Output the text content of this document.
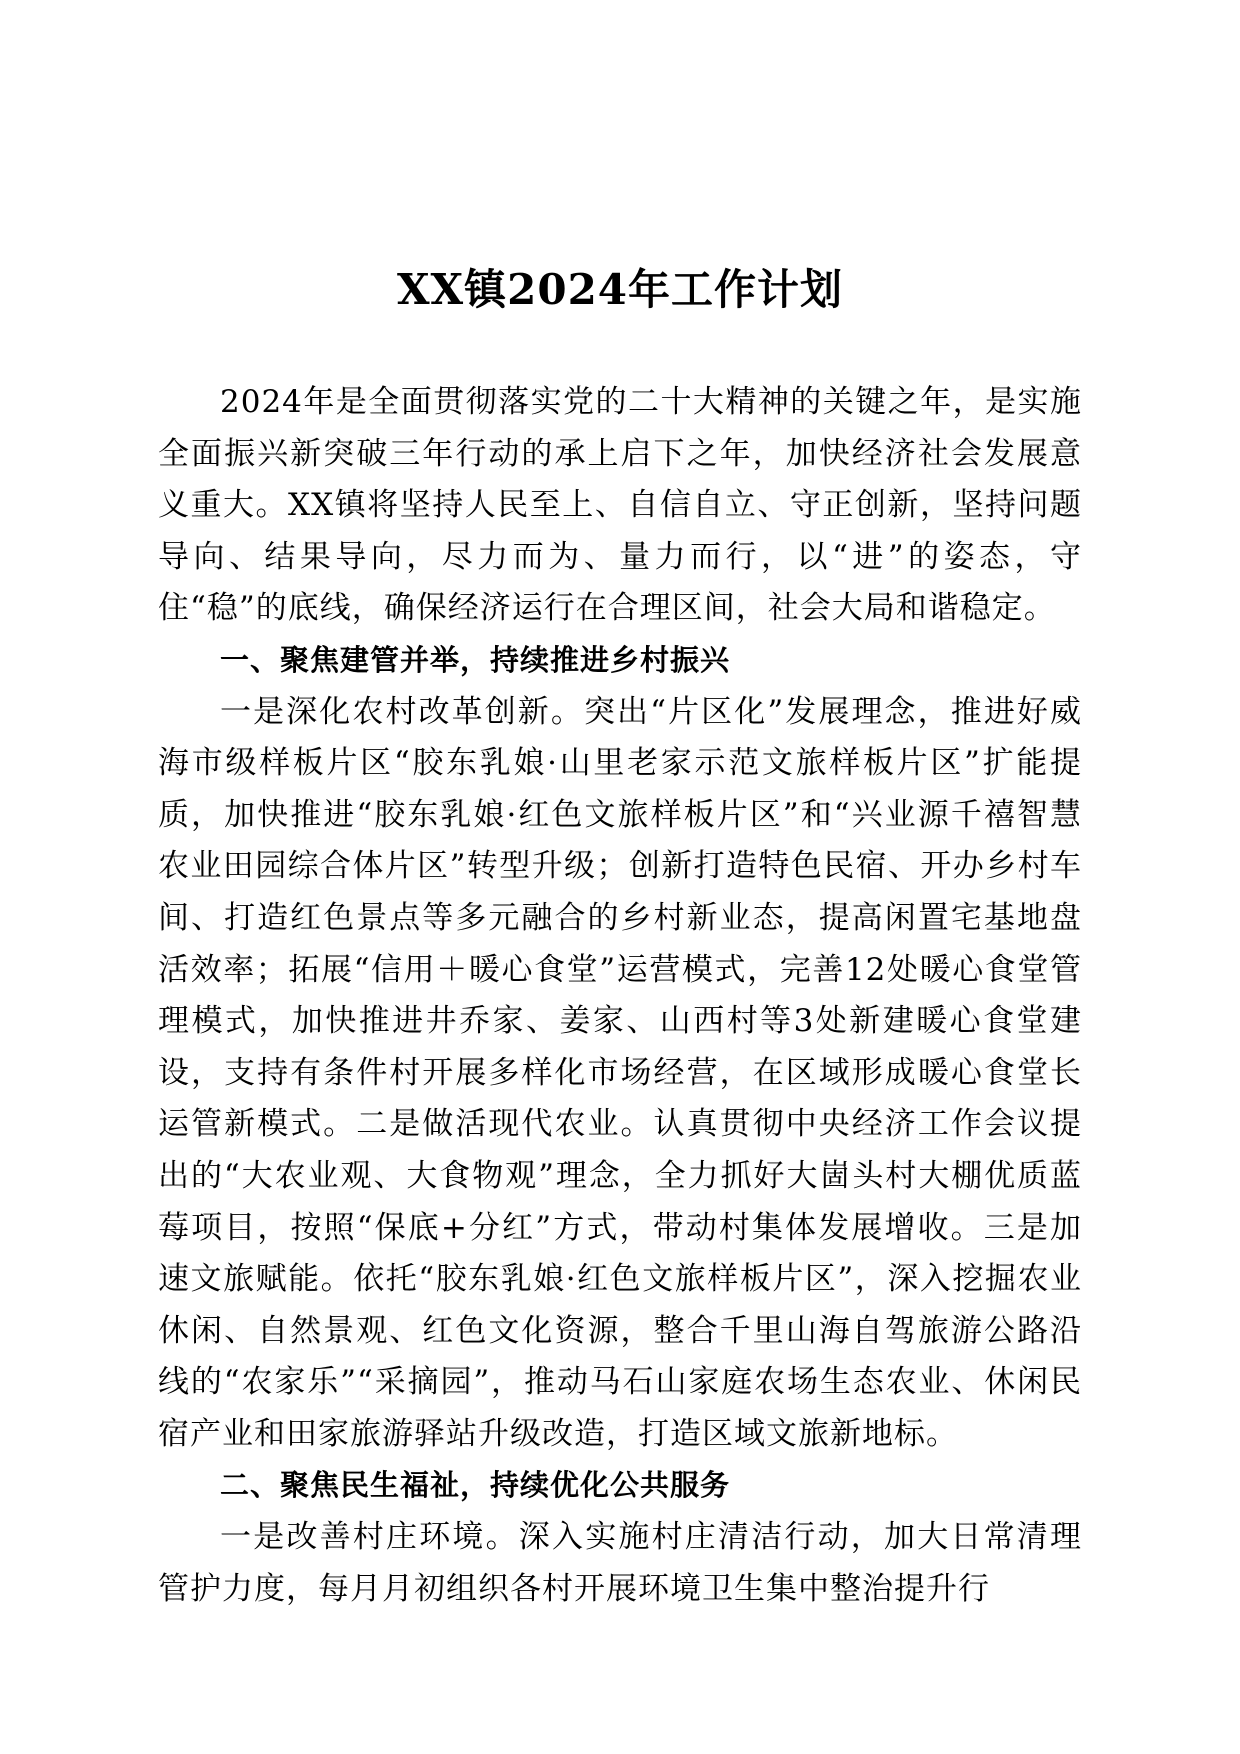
XX镇2024年工作计划

2024年是全面贯彻落实党的二十大精神的关键之年，是实施全面振兴新突破三年行动的承上启下之年，加快经济社会发展意义重大。XX镇将坚持人民至上、自信自立、守正创新，坚持问题导向、结果导向，尽力而为、量力而行，以“进”的姿态，守住“稳”的底线，确保经济运行在合理区间，社会大局和谐稳定。

一、聚焦建管并举，持续推进乡村振兴

一是深化农村改革创新。突出“片区化”发展理念，推进好威海市级样板片区“胶东乳娘·山里老家示范文旅样板片区”扩能提质，加快推进“胶东乳娘·红色文旅样板片区”和“兴业源千禧智慧农业田园综合体片区”转型升级；创新打造特色民宿、开办乡村车间、打造红色景点等多元融合的乡村新业态，提高闲置宅基地盘活效率；拓展“信用＋暖心食堂”运营模式，完善12处暖心食堂管理模式，加快推进井乔家、姜家、山西村等3处新建暖心食堂建设，支持有条件村开展多样化市场经营，在区域形成暖心食堂长运管新模式。二是做活现代农业。认真贯彻中央经济工作会议提出的“大农业观、大食物观”理念，全力抓好大崮头村大棚优质蓝莓项目，按照“保底+分红”方式，带动村集体发展增收。三是加速文旅赋能。依托“胶东乳娘·红色文旅样板片区”，深入挖掘农业休闲、自然景观、红色文化资源，整合千里山海自驾旅游公路沿线的“农家乐”“采摘园”，推动马石山家庭农场生态农业、休闲民宿产业和田家旅游驿站升级改造，打造区域文旅新地标。

二、聚焦民生福祉，持续优化公共服务

一是改善村庄环境。深入实施村庄清洁行动，加大日常清理管护力度，每月月初组织各村开展环境卫生集中整治提升行
